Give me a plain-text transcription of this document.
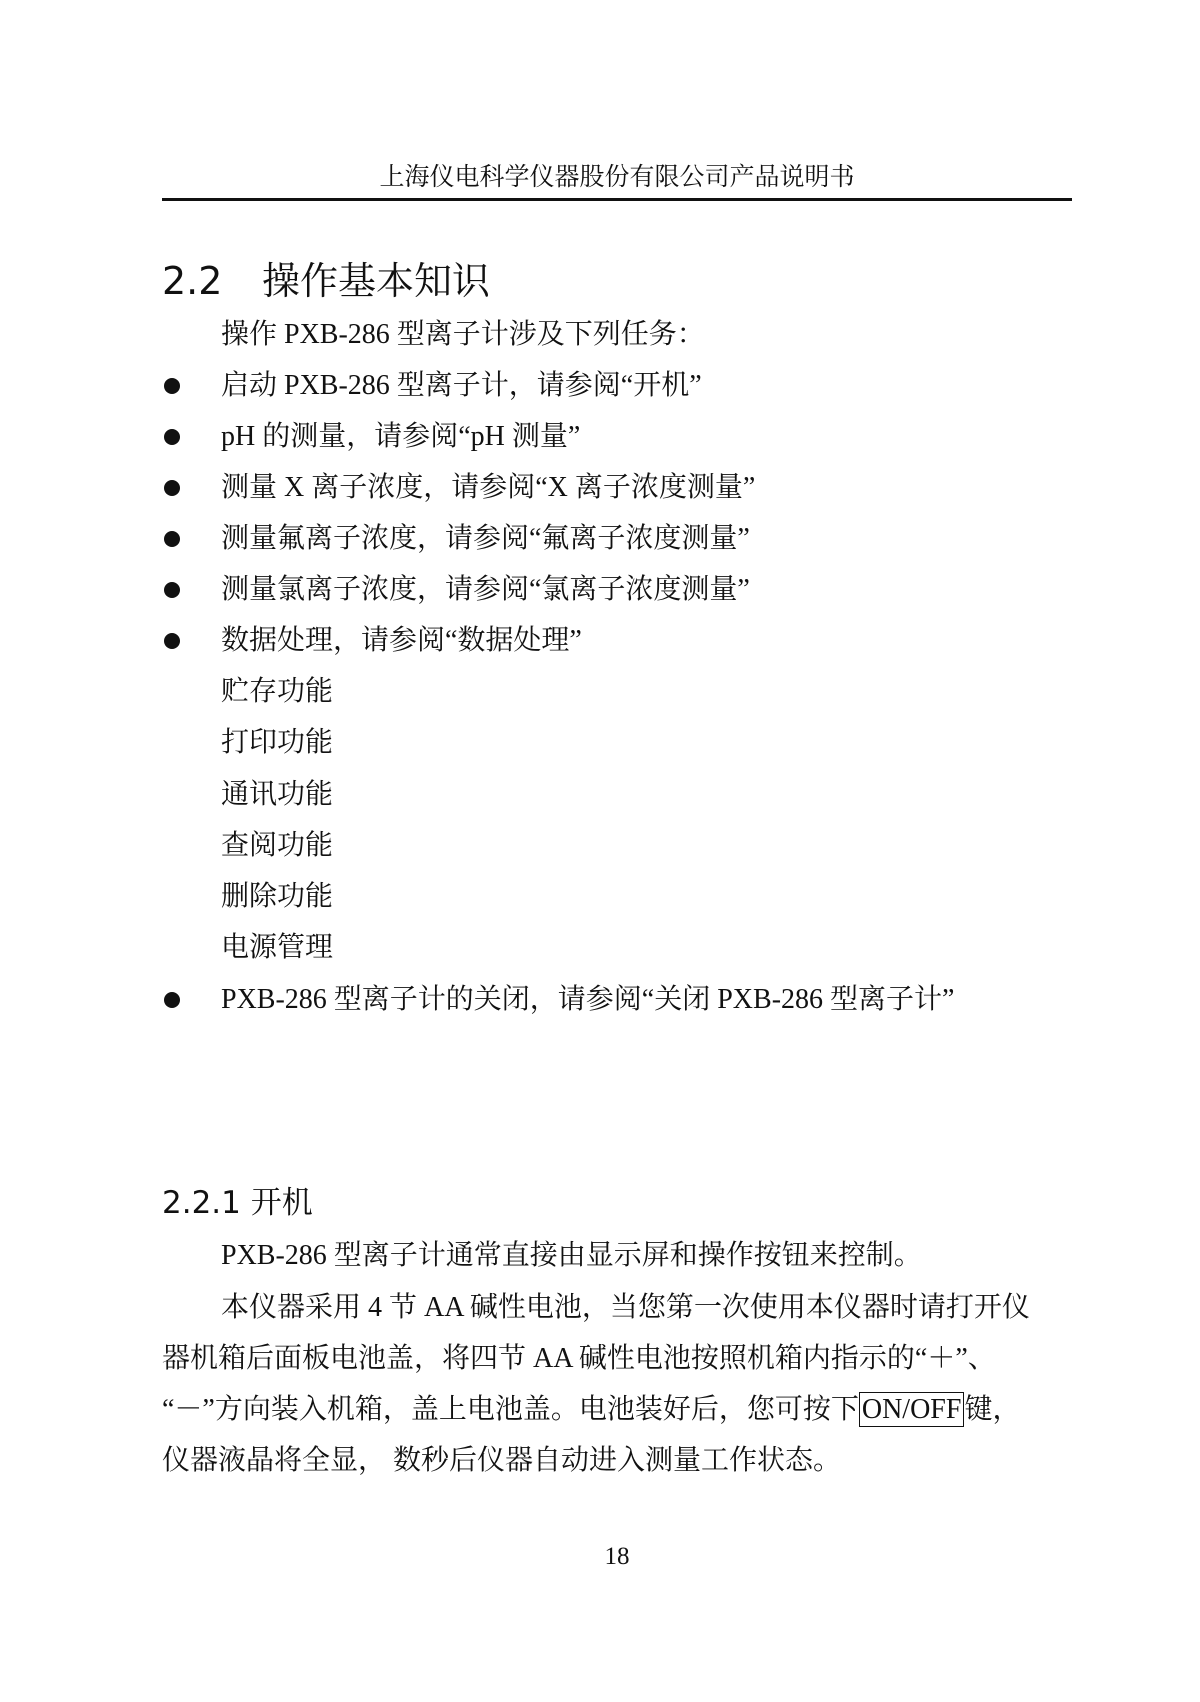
上海仪电科学仪器股份有限公司产品说明书
2.2 操作基本知识
操作 PXB-286 型离子计涉及下列任务：
启动 PXB-286 型离子计，请参阅“开机”
pH 的测量，请参阅“pH 测量”
测量 X 离子浓度，请参阅“X 离子浓度测量”
测量氟离子浓度，请参阅“氟离子浓度测量”
测量氯离子浓度，请参阅“氯离子浓度测量”
数据处理，请参阅“数据处理”
贮存功能
打印功能
通讯功能
查阅功能
删除功能
电源管理
PXB-286 型离子计的关闭，请参阅“关闭 PXB-286 型离子计”
2.2.1 开机
PXB-286 型离子计通常直接由显示屏和操作按钮来控制。
本仪器采用 4 节 AA 碱性电池，当您第一次使用本仪器时请打开仪
器机箱后面板电池盖，将四节 AA 碱性电池按照机箱内指示的“＋”、
“－”方向装入机箱，盖上电池盖。电池装好后，您可按下 ON/OFF 键，
仪器液晶将全显， 数秒后仪器自动进入测量工作状态。
18
